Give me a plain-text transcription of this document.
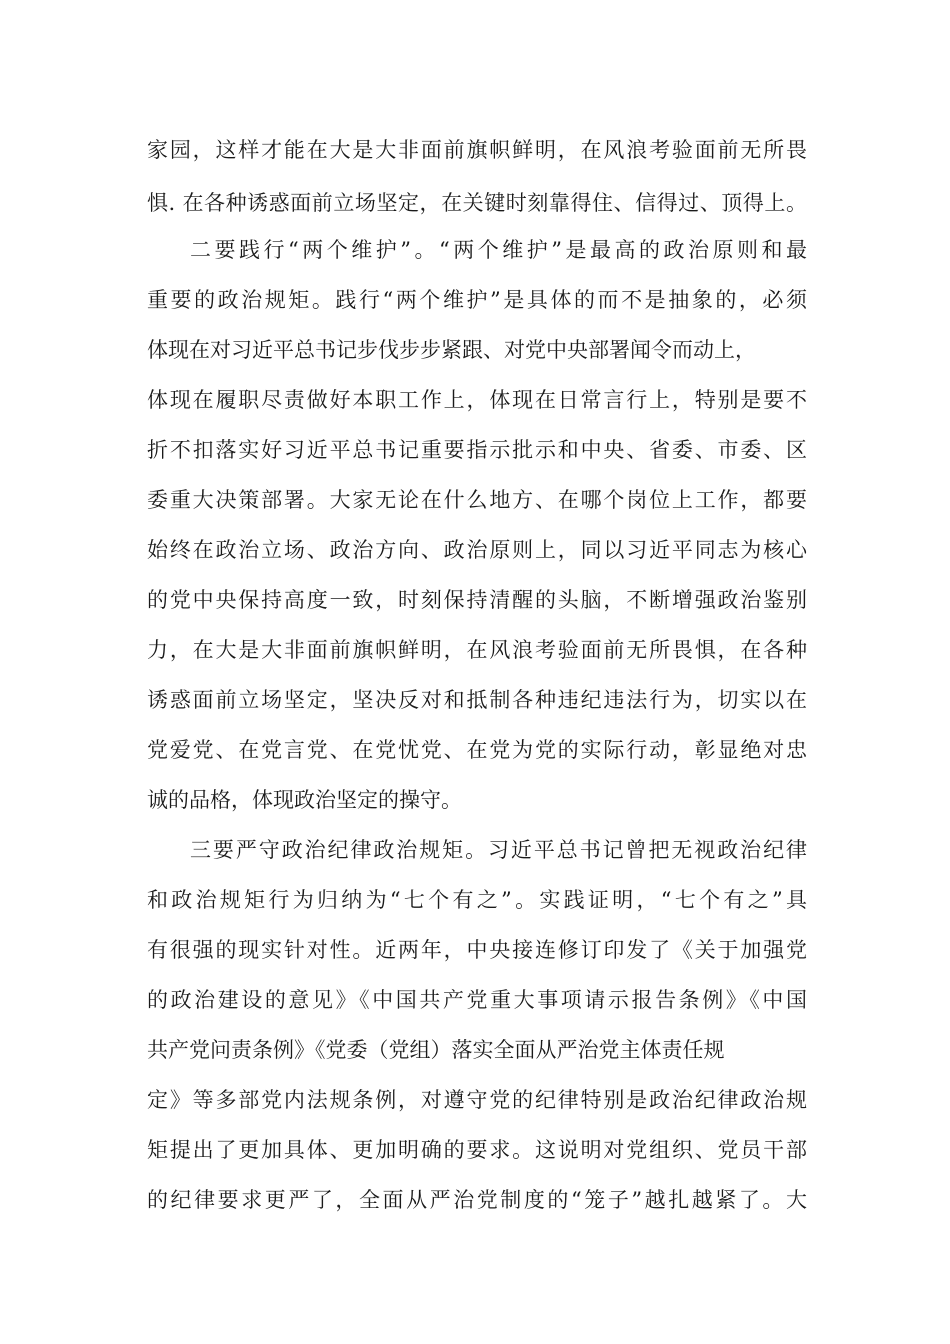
家园，这样才能在大是大非面前旗帜鲜明，在风浪考验面前无所畏
惧. 在各种诱惑面前立场坚定，在关键时刻靠得住、信得过、顶得上。
二要践行“两个维护”。“两个维护”是最高的政治原则和最
重要的政治规矩。践行“两个维护”是具体的而不是抽象的，必须
体现在对习近平总书记步伐步步紧跟、对党中央部署闻令而动上，
体现在履职尽责做好本职工作上，体现在日常言行上，特别是要不
折不扣落实好习近平总书记重要指示批示和中央、省委、市委、区
委重大决策部署。大家无论在什么地方、在哪个岗位上工作，都要
始终在政治立场、政治方向、政治原则上，同以习近平同志为核心
的党中央保持高度一致，时刻保持清醒的头脑，不断增强政治鉴别
力，在大是大非面前旗帜鲜明，在风浪考验面前无所畏惧，在各种
诱惑面前立场坚定，坚决反对和抵制各种违纪违法行为，切实以在
党爱党、在党言党、在党忧党、在党为党的实际行动，彰显绝对忠
诚的品格，体现政治坚定的操守。
三要严守政治纪律政治规矩。习近平总书记曾把无视政治纪律
和政治规矩行为归纳为“七个有之”。实践证明，“七个有之”具
有很强的现实针对性。近两年，中央接连修订印发了《关于加强党
的政治建设的意见》《中国共产党重大事项请示报告条例》《中国
共产党问责条例》《党委（党组）落实全面从严治党主体责任规
定》等多部党内法规条例，对遵守党的纪律特别是政治纪律政治规
矩提出了更加具体、更加明确的要求。这说明对党组织、党员干部
的纪律要求更严了，全面从严治党制度的“笼子”越扎越紧了。大
